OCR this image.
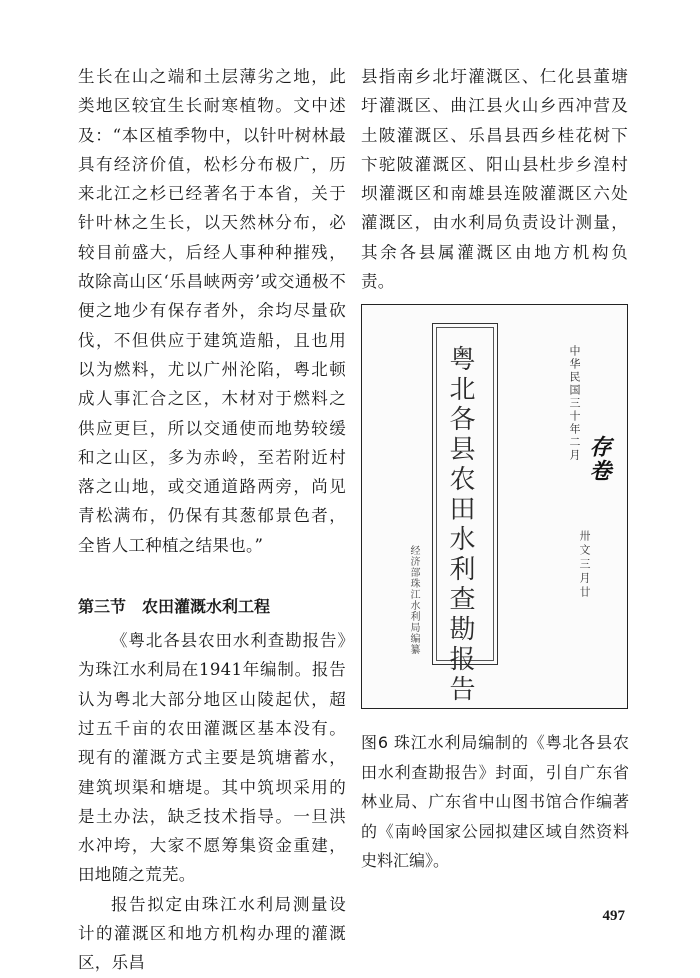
生长在山之端和土层薄劣之地，此类地区较宜生长耐寒植物。文中述及：“本区植季物中，以针叶树林最具有经济价值，松杉分布极广，历来北江之杉已经著名于本省，关于针叶林之生长，以天然林分布，必较目前盛大，后经人事种种摧残，故除高山区‘乐昌峡两旁’或交通极不便之地少有保存者外，余均尽量砍伐，不但供应于建筑造船，且也用以为燃料，尤以广州沦陷，粤北顿成人事汇合之区，木材对于燃料之供应更巨，所以交通使而地势较缓和之山区，多为赤岭，至若附近村落之山地，或交通道路两旁，尚见青松满布，仍保有其葱郁景色者，全皆人工种植之结果也。”

第三节 农田灌溉水利工程

《粤北各县农田水利查勘报告》为珠江水利局在1941年编制。报告认为粤北大部分地区山陵起伏，超过五千亩的农田灌溉区基本没有。现有的灌溉方式主要是筑塘蓄水，建筑坝渠和塘堤。其中筑坝采用的是土办法，缺乏技术指导。一旦洪水冲垮，大家不愿筹集资金重建，田地随之荒芜。

报告拟定由珠江水利局测量设计的灌溉区和地方机构办理的灌溉区，乐昌

县指南乡北圩灌溉区、仁化县董塘圩灌溉区、曲江县火山乡西冲营及土陂灌溉区、乐昌县西乡桂花树下卞驼陂灌溉区、阳山县杜步乡湟村坝灌溉区和南雄县连陂灌溉区六处灌溉区，由水利局负责设计测量，其余各县属灌溉区由地方机构负责。

粤北各县农田水利查勘报告	中华民国三十年二月
经济部珠江水利局编纂
存卷
卅文三月廿
图6 珠江水利局编制的《粤北各县农田水利查勘报告》封面，引自广东省林业局、广东省中山图书馆合作编著的《南岭国家公园拟建区域自然资料史料汇编》。
497
